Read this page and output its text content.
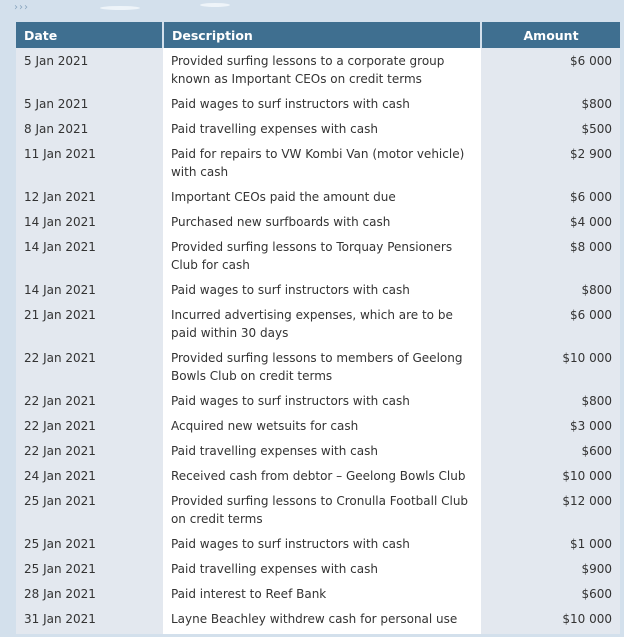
›››
Date	Description	Amount
5 Jan 2021	Provided surfing lessons to a corporate group known as Important CEOs on credit terms	$6 000
5 Jan 2021	Paid wages to surf instructors with cash	$800
8 Jan 2021	Paid travelling expenses with cash	$500
11 Jan 2021	Paid for repairs to VW Kombi Van (motor vehicle) with cash	$2 900
12 Jan 2021	Important CEOs paid the amount due	$6 000
14 Jan 2021	Purchased new surfboards with cash	$4 000
14 Jan 2021	Provided surfing lessons to Torquay Pensioners Club for cash	$8 000
14 Jan 2021	Paid wages to surf instructors with cash	$800
21 Jan 2021	Incurred advertising expenses, which are to be paid within 30 days	$6 000
22 Jan 2021	Provided surfing lessons to members of Geelong Bowls Club on credit terms	$10 000
22 Jan 2021	Paid wages to surf instructors with cash	$800
22 Jan 2021	Acquired new wetsuits for cash	$3 000
22 Jan 2021	Paid travelling expenses with cash	$600
24 Jan 2021	Received cash from debtor – Geelong Bowls Club	$10 000
25 Jan 2021	Provided surfing lessons to Cronulla Football Club on credit terms	$12 000
25 Jan 2021	Paid wages to surf instructors with cash	$1 000
25 Jan 2021	Paid travelling expenses with cash	$900
28 Jan 2021	Paid interest to Reef Bank	$600
31 Jan 2021	Layne Beachley withdrew cash for personal use	$10 000
